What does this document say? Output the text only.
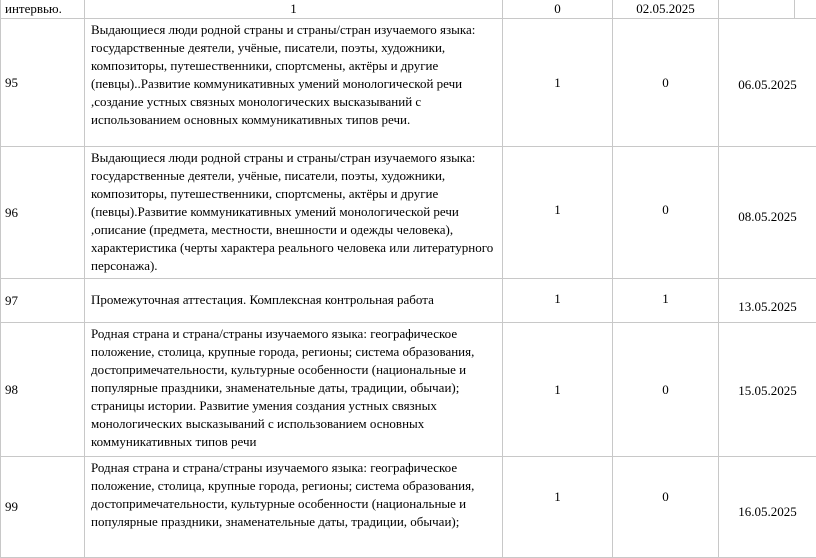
интервью.	1	0	02.05.2025		
95	Выдающиеся люди родной страны и страны/стран изучаемого языка: государственные деятели, учёные, писатели, поэты, художники, композиторы, путешественники, спортсмены, актёры и другие (певцы)..Развитие коммуникативных умений монологической речи ,создание устных связных монологических высказываний с использованием основных коммуникативных типов речи.	1	0	06.05.2025	

96	Выдающиеся люди родной страны и страны/стран изучаемого языка: государственные деятели, учёные, писатели, поэты, художники, композиторы, путешественники, спортсмены, актёры и другие (певцы).Развитие коммуникативных умений монологической речи ,описание (предмета, местности, внешности и одежды человека), характеристика (черты характера реального человека или литературного персонажа).	1	0	08.05.2025	

97	Промежуточная аттестация. Комплексная контрольная работа	1	1	13.05.2025	

98	Родная страна и страна/страны изучаемого языка: географическое положение, столица, крупные города, регионы; система образования, достопримечательности, культурные особенности (национальные и популярные праздники, знаменательные даты, традиции, обычаи); страницы истории. Развитие умения создания устных связных монологических высказываний с использованием основных коммуникативных типов речи	1	0	15.05.2025	

99	Родная страна и страна/страны изучаемого языка: географическое положение, столица, крупные города, регионы; система образования, достопримечательности, культурные особенности (национальные и популярные праздники, знаменательные даты, традиции, обычаи);	1	0	16.05.2025	
